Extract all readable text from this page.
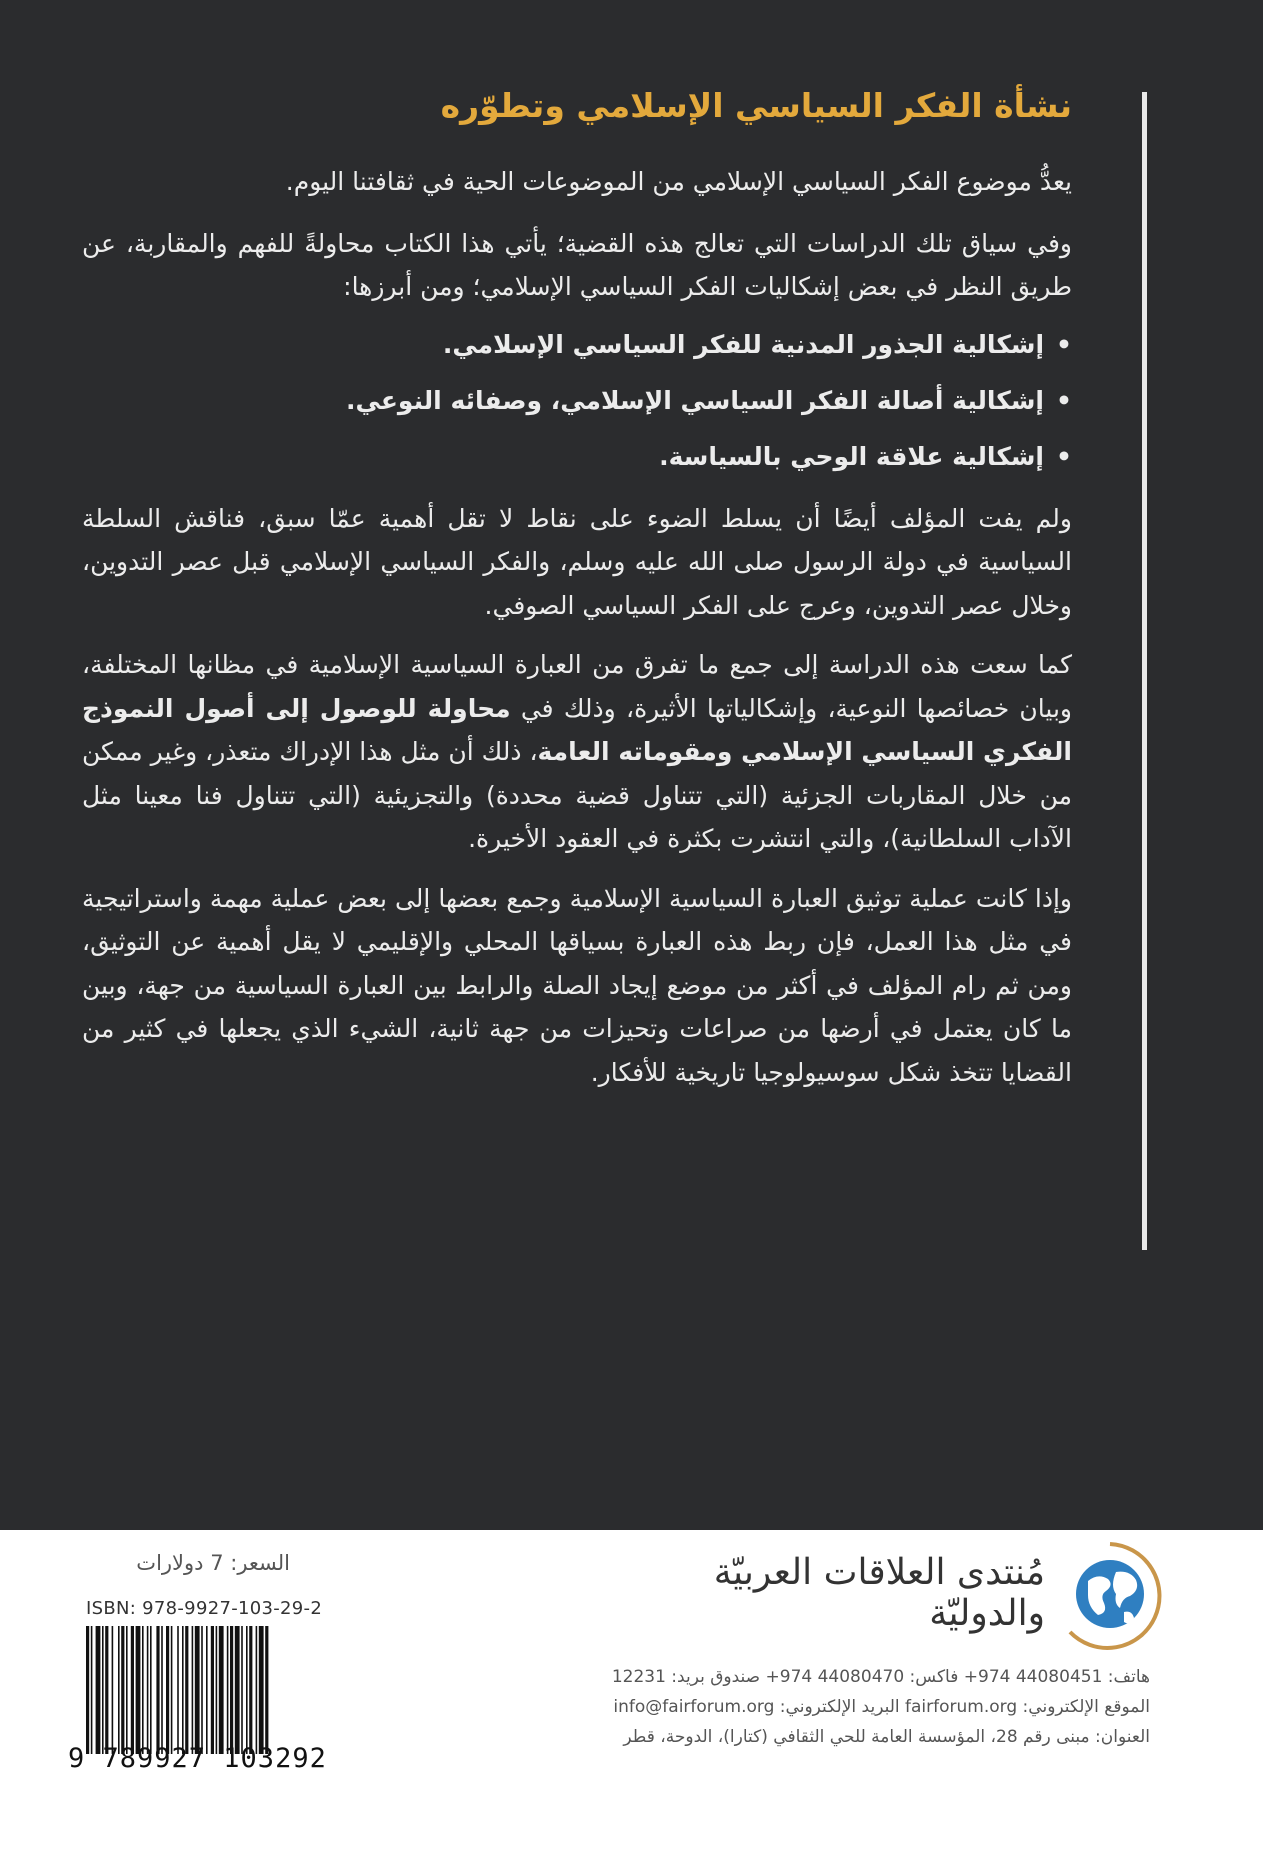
نشأة الفكر السياسي الإسلامي وتطوّره

يعدُّ موضوع الفكر السياسي الإسلامي من الموضوعات الحية في ثقافتنا اليوم.

وفي سياق تلك الدراسات التي تعالج هذه القضية؛ يأتي هذا الكتاب محاولةً للفهم والمقاربة، عن طريق النظر في بعض إشكاليات الفكر السياسي الإسلامي؛ ومن أبرزها:

•إشكالية الجذور المدنية للفكر السياسي الإسلامي.
•إشكالية أصالة الفكر السياسي الإسلامي، وصفائه النوعي.
•إشكالية علاقة الوحي بالسياسة.

ولم يفت المؤلف أيضًا أن يسلط الضوء على نقاط لا تقل أهمية عمّا سبق، فناقش السلطة السياسية في دولة الرسول صلى الله عليه وسلم، والفكر السياسي الإسلامي قبل عصر التدوين، وخلال عصر التدوين، وعرج على الفكر السياسي الصوفي.

كما سعت هذه الدراسة إلى جمع ما تفرق من العبارة السياسية الإسلامية في مظانها المختلفة، وبيان خصائصها النوعية، وإشكالياتها الأثيرة، وذلك في محاولة للوصول إلى أصول النموذج الفكري السياسي الإسلامي ومقوماته العامة، ذلك أن مثل هذا الإدراك متعذر، وغير ممكن من خلال المقاربات الجزئية (التي تتناول قضية محددة) والتجزيئية (التي تتناول فنا معينا مثل الآداب السلطانية)، والتي انتشرت بكثرة في العقود الأخيرة.

وإذا كانت عملية توثيق العبارة السياسية الإسلامية وجمع بعضها إلى بعض عملية مهمة واستراتيجية في مثل هذا العمل، فإن ربط هذه العبارة بسياقها المحلي والإقليمي لا يقل أهمية عن التوثيق، ومن ثم رام المؤلف في أكثر من موضع إيجاد الصلة والرابط بين العبارة السياسية من جهة، وبين ما كان يعتمل في أرضها من صراعات وتحيزات من جهة ثانية، الشيء الذي يجعلها في كثير من القضايا تتخذ شكل سوسيولوجيا تاريخية للأفكار.

السعر: 7 دولارات
ISBN: 978-9927-103-29-2
9 789927 103292
مُنتدى العلاقات العربيّة والدوليّة
هاتف: 44080451 974+ فاكس: 44080470 974+ صندوق بريد: 12231
الموقع الإلكتروني: fairforum.org البريد الإلكتروني: info@fairforum.org
العنوان: مبنى رقم 28، المؤسسة العامة للحي الثقافي (كتارا)، الدوحة، قطر
